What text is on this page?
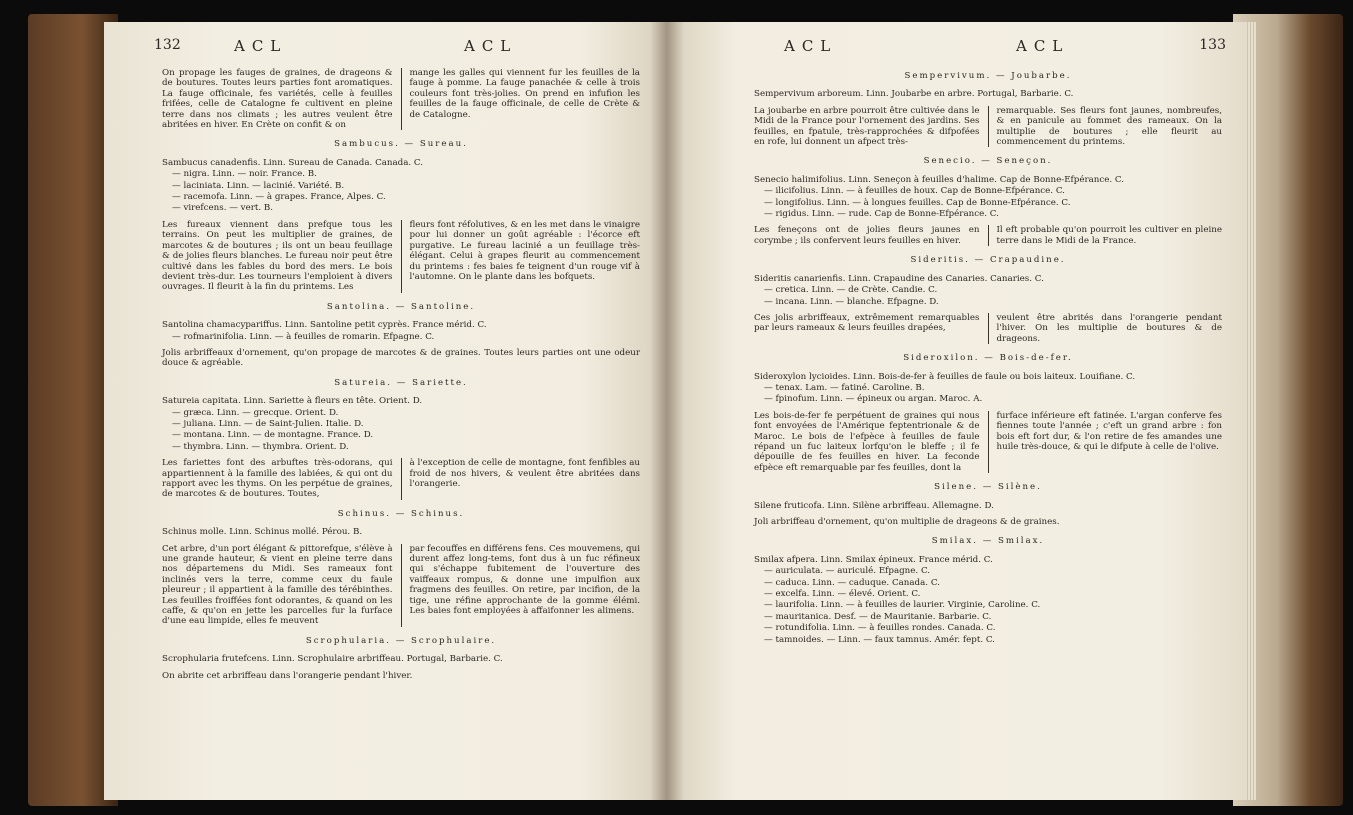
132	ACL	ACL
On propage les fauges de graines, de drageons & de boutures. Toutes leurs parties font aromatiques. La fauge officinale, fes variétés, celle à feuilles frifées, celle de Catalogne fe cultivent en pleine terre dans nos climats ; les autres veulent être abritées en hiver. En Crète on confit & on
mange les galles qui viennent fur les feuilles de la fauge à pomme. La fauge panachée & celle à trois couleurs font très-jolies. On prend en infufion les feuilles de la fauge officinale, de celle de Crète & de Catalogne.
Sambucus. — Sureau.
Sambucus canadenfis. Linn. Sureau de Canada. Canada. C.
— nigra. Linn. — noir. France. B.
— laciniata. Linn. — lacinié. Variété. B.
— racemofa. Linn. — à grapes. France, Alpes. C.
— virefcens. — vert. B.
Les fureaux viennent dans prefque tous les terrains. On peut les multiplier de graines, de marcotes & de boutures ; ils ont un beau feuillage & de jolies fleurs blanches. Le fureau noir peut être cultivé dans les fables du bord des mers. Le bois devient très-dur. Les tourneurs l'emploient à divers ouvrages. Il fleurit à la fin du printems. Les
fleurs font réfolutives, & en les met dans le vinaigre pour lui donner un goût agréable : l'écorce eft purgative. Le fureau lacinié a un feuillage très-élégant. Celui à grapes fleurit au commencement du printems : fes baies fe teignent d'un rouge vif à l'automne. On le plante dans les bofquets.
Santolina. — Santoline.
Santolina chamacypariffus. Linn. Santoline petit cyprès. France mérid. C.
— rofmarinifolia. Linn. — à feuilles de romarin. Efpagne. C.
Jolis arbriffeaux d'ornement, qu'on propage de marcotes & de graines. Toutes leurs parties ont une odeur douce & agréable.
Satureia. — Sariette.
Satureia capitata. Linn. Sariette à fleurs en tête. Orient. D.
— græca. Linn. — grecque. Orient. D.
— juliana. Linn. — de Saint-Julien. Italie. D.
— montana. Linn. — de montagne. France. D.
— thymbra. Linn. — thymbra. Orient. D.
Les fariettes font des arbuftes très-odorans, qui appartiennent à la famille des labiées, & qui ont du rapport avec les thyms. On les perpétue de graines, de marcotes & de boutures. Toutes,
à l'exception de celle de montagne, font fenfibles au froid de nos hivers, & veulent être abritées dans l'orangerie.
Schinus. — Schinus.
Schinus molle. Linn. Schinus mollé. Pérou. B.
Cet arbre, d'un port élégant & pittorefque, s'élève à une grande hauteur, & vient en pleine terre dans nos départemens du Midi. Ses rameaux font inclinés vers la terre, comme ceux du faule pleureur ; il appartient à la famille des térébinthes. Les feuilles froiffées font odorantes, & quand on les caffe, & qu'on en jette les parcelles fur la furface d'une eau limpide, elles fe meuvent
par fecouffes en différens fens. Ces mouvemens, qui durent affez long-tems, font dus à un fuc réfineux qui s'échappe fubitement de l'ouverture des vaiffeaux rompus, & donne une impulfion aux fragmens des feuilles. On retire, par incifion, de la tige, une réfine approchante de la gomme élémi. Les baies font employées à affaifonner les alimens.
Scrophularia. — Scrophulaire.
Scrophularia frutefcens. Linn. Scrophulaire arbriffeau. Portugal, Barbarie. C.
On abrite cet arbriffeau dans l'orangerie pendant l'hiver.
ACL	ACL	133
Sempervivum. — Joubarbe.
Sempervivum arboreum. Linn. Joubarbe en arbre. Portugal, Barbarie. C.
La joubarbe en arbre pourroit être cultivée dans le Midi de la France pour l'ornement des jardins. Ses feuilles, en fpatule, très-rapprochées & difpofées en rofe, lui donnent un afpect très-
remarquable. Ses fleurs font jaunes, nombreufes, & en panicule au fommet des rameaux. On la multiplie de boutures ; elle fleurit au commencement du printems.
Senecio. — Seneçon.
Senecio halimifolius. Linn. Seneçon à feuilles d'halime. Cap de Bonne-Efpérance. C.
— ilicifolius. Linn. — à feuilles de houx. Cap de Bonne-Efpérance. C.
— longifolius. Linn. — à longues feuilles. Cap de Bonne-Efpérance. C.
— rigidus. Linn. — rude. Cap de Bonne-Efpérance. C.
Les feneçons ont de jolies fleurs jaunes en corymbe ; ils confervent leurs feuilles en hiver.
Il eft probable qu'on pourroit les cultiver en pleine terre dans le Midi de la France.
Sideritis. — Crapaudine.
Sideritis canarienfis. Linn. Crapaudine des Canaries. Canaries. C.
— cretica. Linn. — de Crète. Candie. C.
— incana. Linn. — blanche. Efpagne. D.
Ces jolis arbriffeaux, extrêmement remarquables par leurs rameaux & leurs feuilles drapées,
veulent être abrités dans l'orangerie pendant l'hiver. On les multiplie de boutures & de drageons.
Sideroxilon. — Bois-de-fer.
Sideroxylon lycioides. Linn. Bois-de-fer à feuilles de faule ou bois laiteux. Louifiane. C.
— tenax. Lam. — fatiné. Caroline. B.
— fpinofum. Linn. — épineux ou argan. Maroc. A.
Les bois-de-fer fe perpétuent de graines qui nous font envoyées de l'Amérique feptentrionale & de Maroc. Le bois de l'efpèce à feuilles de faule répand un fuc laiteux lorfqu'on le bleffe ; il fe dépouille de fes feuilles en hiver. La feconde efpèce eft remarquable par fes feuilles, dont la
furface inférieure eft fatinée. L'argan conferve fes fiennes toute l'année ; c'eft un grand arbre : fon bois eft fort dur, & l'on retire de fes amandes une huile très-douce, & qui le difpute à celle de l'olive.
Silene. — Silène.
Silene fruticofa. Linn. Silène arbriffeau. Allemagne. D.
Joli arbriffeau d'ornement, qu'on multiplie de drageons & de graines.
Smilax. — Smilax.
Smilax afpera. Linn. Smilax épineux. France mérid. C.
— auriculata. — auriculé. Efpagne. C.
— caduca. Linn. — caduque. Canada. C.
— excelfa. Linn. — élevé. Orient. C.
— laurifolia. Linn. — à feuilles de laurier. Virginie, Caroline. C.
— mauritanica. Desf. — de Mauritanie. Barbarie. C.
— rotundifolia. Linn. — à feuilles rondes. Canada. C.
— tamnoides. — Linn. — faux tamnus. Amér. fept. C.
